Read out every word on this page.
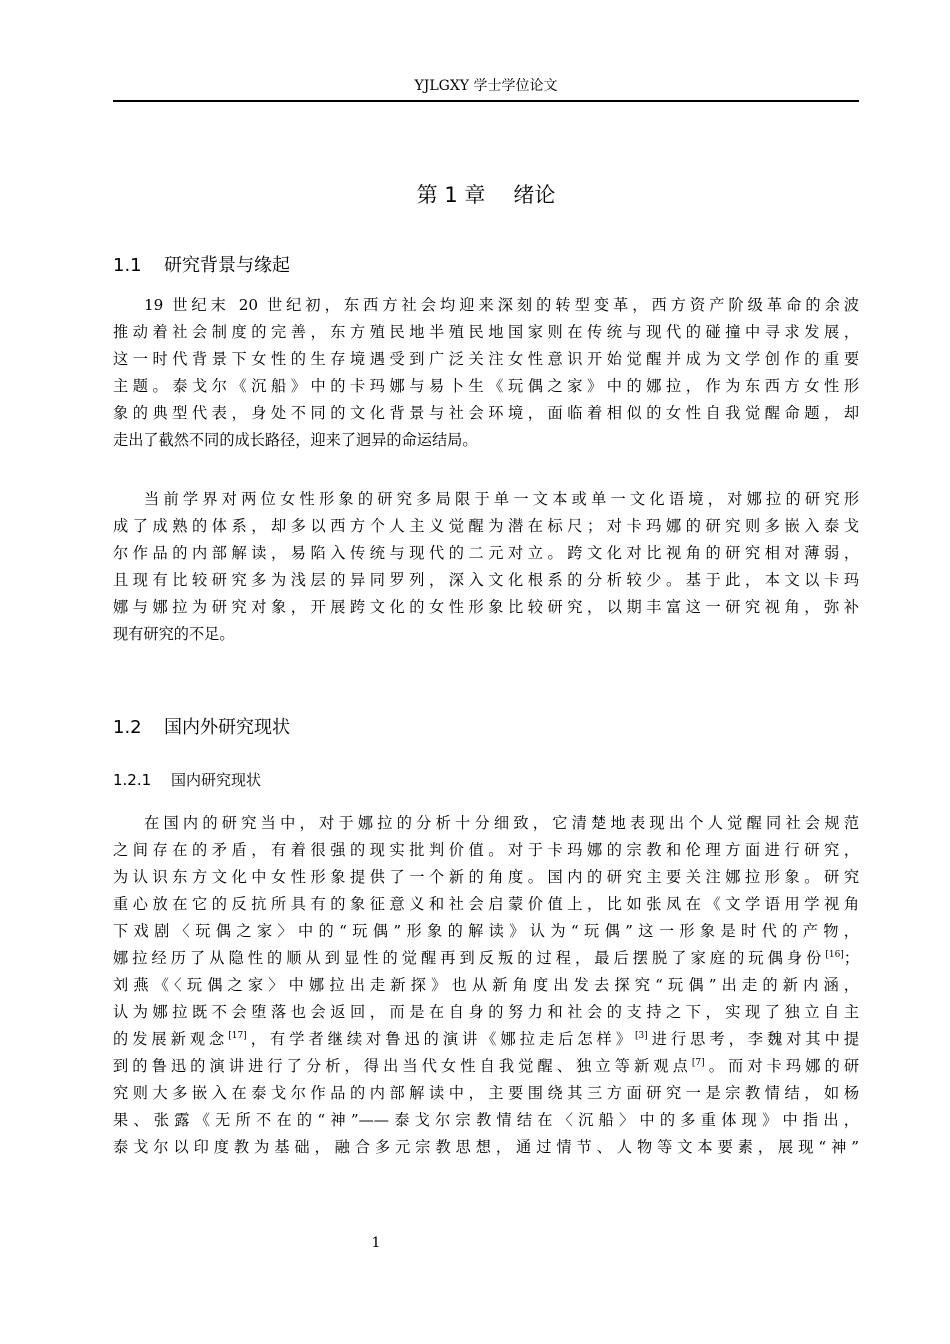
YJLGXY 学士学位论文
第 1 章 绪论
1.1 研究背景与缘起
19 世纪末 20 世纪初，东西方社会均迎来深刻的转型变革，西方资产阶级革命的余波
推动着社会制度的完善，东方殖民地半殖民地国家则在传统与现代的碰撞中寻求发展，
这一时代背景下女性的生存境遇受到广泛关注女性意识开始觉醒并成为文学创作的重要
主题。泰戈尔《沉船》中的卡玛娜与易卜生《玩偶之家》中的娜拉，作为东西方女性形
象的典型代表，身处不同的文化背景与社会环境，面临着相似的女性自我觉醒命题，却
走出了截然不同的成长路径，迎来了迥异的命运结局。
当前学界对两位女性形象的研究多局限于单一文本或单一文化语境，对娜拉的研究形
成了成熟的体系，却多以西方个人主义觉醒为潜在标尺；对卡玛娜的研究则多嵌入泰戈
尔作品的内部解读，易陷入传统与现代的二元对立。跨文化对比视角的研究相对薄弱，
且现有比较研究多为浅层的异同罗列，深入文化根系的分析较少。基于此，本文以卡玛
娜与娜拉为研究对象，开展跨文化的女性形象比较研究，以期丰富这一研究视角，弥补
现有研究的不足。
1.2 国内外研究现状
1.2.1 国内研究现状
在国内的研究当中，对于娜拉的分析十分细致，它清楚地表现出个人觉醒同社会规范
之间存在的矛盾，有着很强的现实批判价值。对于卡玛娜的宗教和伦理方面进行研究，
为认识东方文化中女性形象提供了一个新的角度。国内的研究主要关注娜拉形象。研究
重心放在它的反抗所具有的象征意义和社会启蒙价值上，比如张凤在《文学语用学视角
下戏剧〈玩偶之家〉中的“玩偶”形象的解读》认为“玩偶”这一形象是时代的产物，
娜拉经历了从隐性的顺从到显性的觉醒再到反叛的过程，最后摆脱了家庭的玩偶身份[16]；
刘燕《〈玩偶之家〉中娜拉出走新探》也从新角度出发去探究“玩偶”出走的新内涵，
认为娜拉既不会堕落也会返回，而是在自身的努力和社会的支持之下，实现了独立自主
的发展新观念[17]，有学者继续对鲁迅的演讲《娜拉走后怎样》[3]进行思考，李魏对其中提
到的鲁迅的演讲进行了分析，得出当代女性自我觉醒、独立等新观点[7]。而对卡玛娜的研
究则大多嵌入在泰戈尔作品的内部解读中，主要围绕其三方面研究一是宗教情结，如杨
果、张露《无所不在的“神”——泰戈尔宗教情结在〈沉船〉中的多重体现》中指出，
泰戈尔以印度教为基础，融合多元宗教思想，通过情节、人物等文本要素，展现“神”
1
